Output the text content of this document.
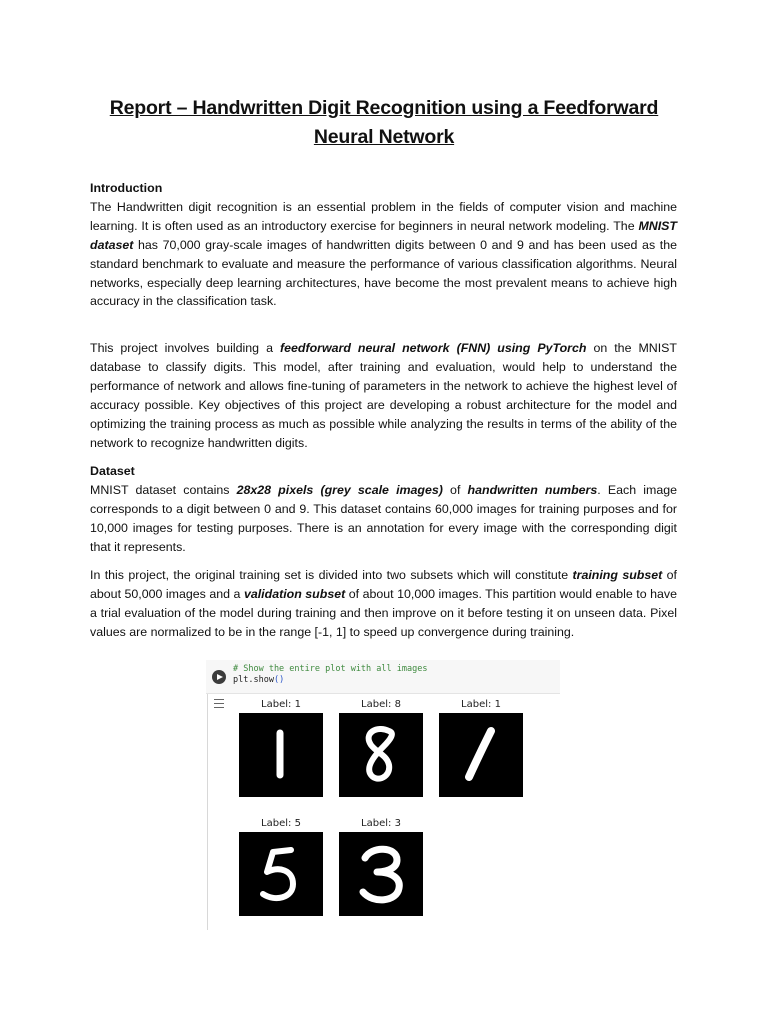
Report – Handwritten Digit Recognition using a Feedforward
Neural Network
Introduction

The Handwritten digit recognition is an essential problem in the fields of computer vision and machine learning. It is often used as an introductory exercise for beginners in neural network modeling. The MNIST dataset has 70,000 gray-scale images of handwritten digits between 0 and 9 and has been used as the standard benchmark to evaluate and measure the performance of various classification algorithms. Neural networks, especially deep learning architectures, have become the most prevalent means to achieve high accuracy in the classification task.

This project involves building a feedforward neural network (FNN) using PyTorch on the MNIST database to classify digits. This model, after training and evaluation, would help to understand the performance of network and allows fine-tuning of parameters in the network to achieve the highest level of accuracy possible. Key objectives of this project are developing a robust architecture for the model and optimizing the training process as much as possible while analyzing the results in terms of the ability of the network to recognize handwritten digits.

Dataset

MNIST dataset contains 28x28 pixels (grey scale images) of handwritten numbers. Each image corresponds to a digit between 0 and 9. This dataset contains 60,000 images for training purposes and for 10,000 images for testing purposes. There is an annotation for every image with the corresponding digit that it represents.

In this project, the original training set is divided into two subsets which will constitute training subset of about 50,000 images and a validation subset of about 10,000 images. This partition would enable to have a trial evaluation of the model during training and then improve on it before testing it on unseen data. Pixel values are normalized to be in the range [-1, 1] to speed up convergence during training.

# Show the entire plot with all images
plt.show()
Label: 1	Label: 8	Label: 1
Label: 5	Label: 3
